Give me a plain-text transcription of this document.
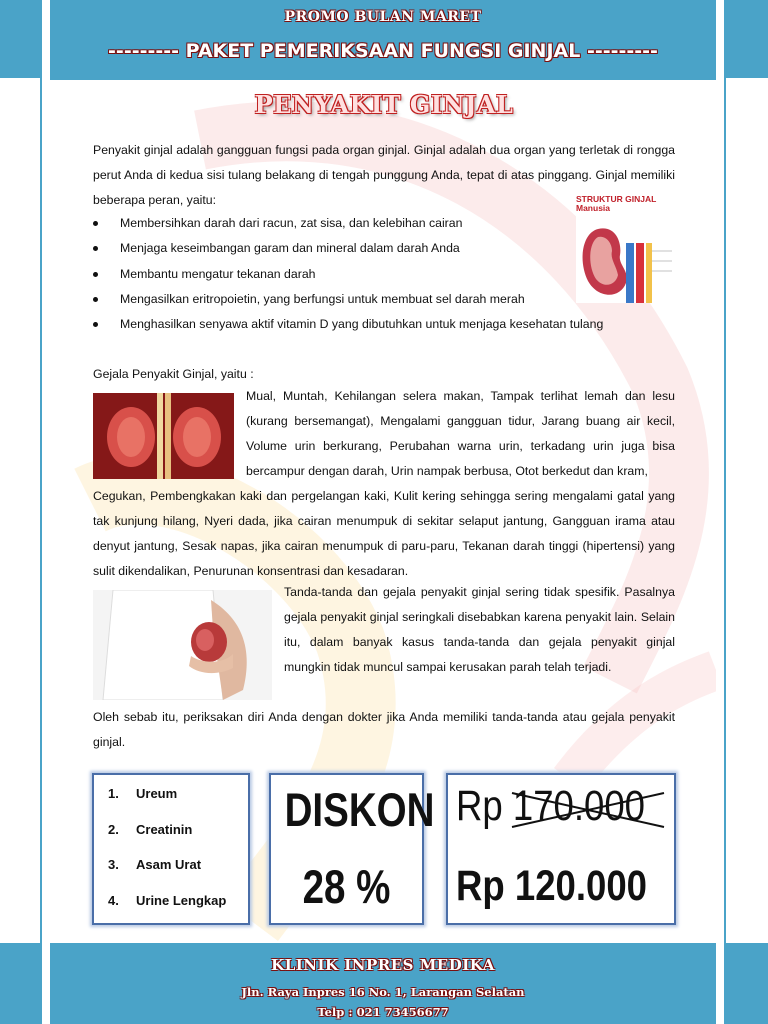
PROMO BULAN MARET
--------- PAKET PEMERIKSAAN FUNGSI GINJAL ---------
PENYAKIT GINJAL

Penyakit ginjal adalah gangguan fungsi pada organ ginjal. Ginjal adalah dua organ yang terletak di rongga perut Anda di kedua sisi tulang belakang di tengah punggung Anda, tepat di atas pinggang. Ginjal memiliki beberapa peran, yaitu:

Membersihkan darah dari racun, zat sisa, dan kelebihan cairan
Menjaga keseimbangan garam dan mineral dalam darah Anda
Membantu mengatur tekanan darah
Mengasilkan eritropoietin, yang berfungsi untuk membuat sel darah merah
Menghasilkan senyawa aktif vitamin D yang dibutuhkan untuk menjaga kesehatan tulang
STRUKTUR GINJAL
Manusia
Gejala Penyakit Ginjal, yaitu :

Mual, Muntah, Kehilangan selera makan, Tampak terlihat lemah dan lesu (kurang bersemangat), Mengalami gangguan tidur, Jarang buang air kecil, Volume urin berkurang, Perubahan warna urin, terkadang urin juga bisa bercampur dengan darah, Urin nampak berbusa, Otot berkedut dan kram,

Cegukan, Pembengkakan kaki dan pergelangan kaki, Kulit kering sehingga sering mengalami gatal yang tak kunjung hilang, Nyeri dada, jika cairan menumpuk di sekitar selaput jantung, Gangguan irama atau denyut jantung, Sesak napas, jika cairan menumpuk di paru-paru, Tekanan darah tinggi (hipertensi) yang sulit dikendalikan, Penurunan konsentrasi dan kesadaran.

Tanda-tanda dan gejala penyakit ginjal sering tidak spesifik. Pasalnya gejala penyakit ginjal seringkali disebabkan karena penyakit lain. Selain itu, dalam banyak kasus tanda-tanda dan gejala penyakit ginjal mungkin tidak muncul sampai kerusakan parah telah terjadi.

Oleh sebab itu, periksakan diri Anda dengan dokter jika Anda memiliki tanda-tanda atau gejala penyakit ginjal.

1.	Ureum
2.	Creatinin
3.	Asam Urat
4.	Urine Lengkap
DISKON
28 %
Rp 170.000
Rp 120.000
KLINIK INPRES MEDIKA
Jln. Raya Inpres 16 No. 1, Larangan Selatan
Telp : 021 73456677
